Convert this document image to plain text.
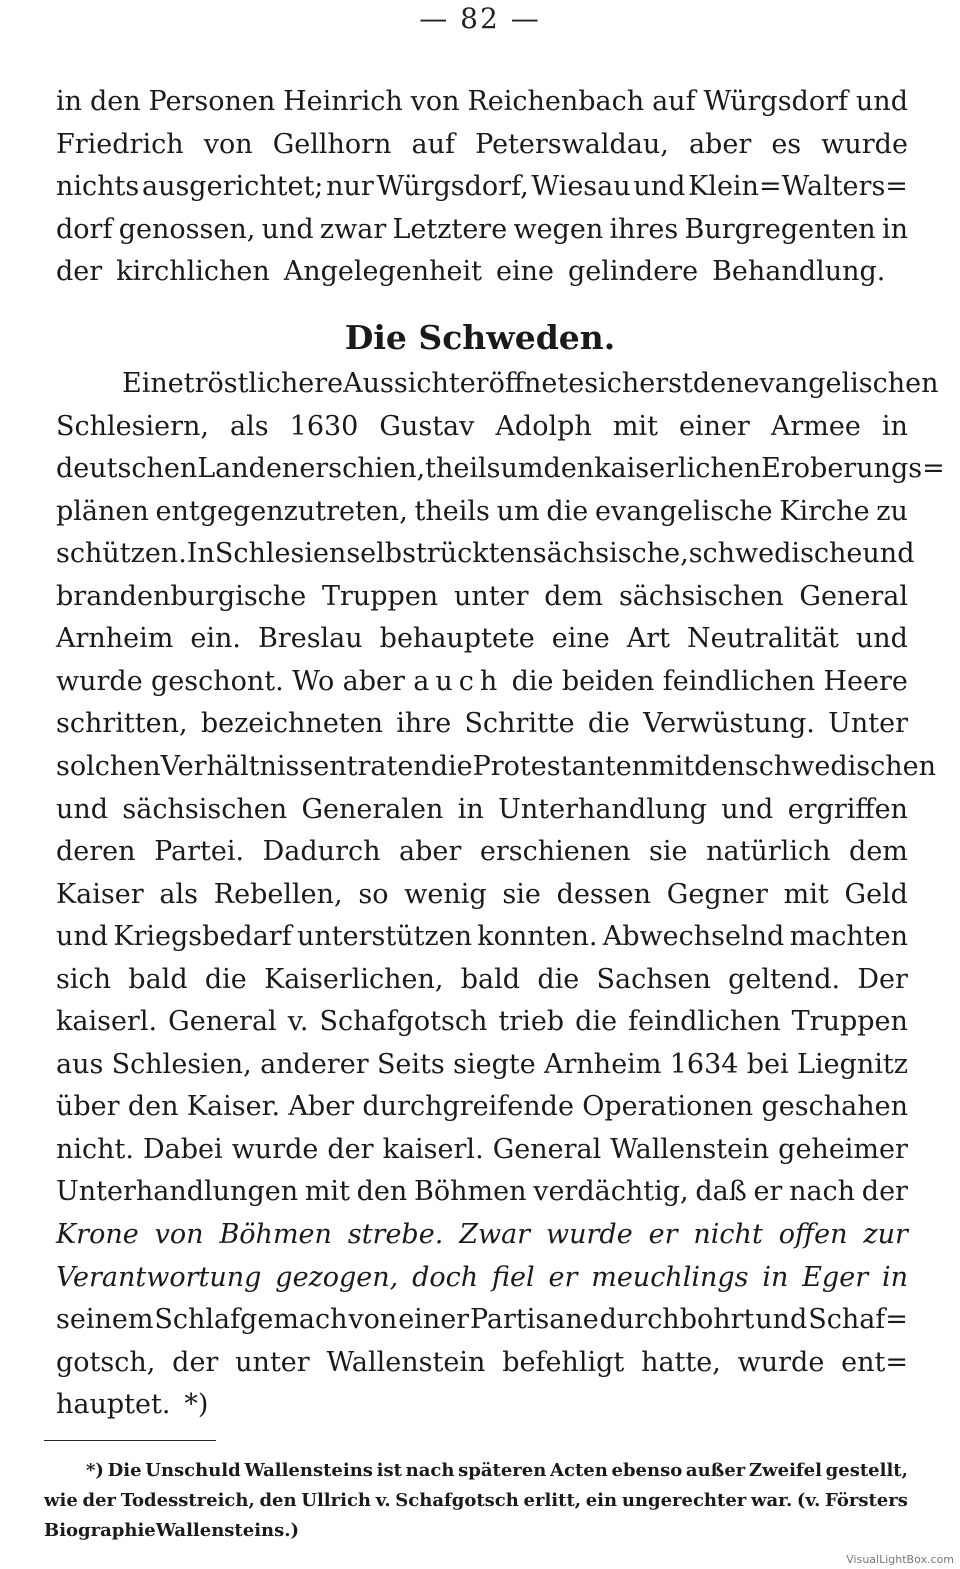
— 82 —
in den Personen Heinrich von Reichenbach auf Würgsdorf und
Friedrich von Gellhorn auf Peterswaldau, aber es wurde
nichts ausgerichtet; nur Würgsdorf, Wiesau und Klein=Walters=
dorf genossen, und zwar Letztere wegen ihres Burgregenten in
der kirchlichen Angelegenheit eine gelindere Behandlung.
Die Schweden.
Eine tröstlichere Aussicht eröffnete sich erst den evangelischen
Schlesiern, als 1630 Gustav Adolph mit einer Armee in
deutschen Landen erschien, theils um den kaiserlichen Eroberungs=
plänen entgegenzutreten, theils um die evangelische Kirche zu
schützen. In Schlesien selbst rückten sächsische, schwedische und
brandenburgische Truppen unter dem sächsischen General
Arnheim ein. Breslau behauptete eine Art Neutralität und
wurde geschont. Wo aber auch die beiden feindlichen Heere
schritten, bezeichneten ihre Schritte die Verwüstung. Unter
solchen Verhältnissen traten die Protestanten mit den schwedischen
und sächsischen Generalen in Unterhandlung und ergriffen
deren Partei. Dadurch aber erschienen sie natürlich dem
Kaiser als Rebellen, so wenig sie dessen Gegner mit Geld
und Kriegsbedarf unterstützen konnten. Abwechselnd machten
sich bald die Kaiserlichen, bald die Sachsen geltend. Der
kaiserl. General v. Schafgotsch trieb die feindlichen Truppen
aus Schlesien, anderer Seits siegte Arnheim 1634 bei Liegnitz
über den Kaiser. Aber durchgreifende Operationen geschahen
nicht. Dabei wurde der kaiserl. General Wallenstein geheimer
Unterhandlungen mit den Böhmen verdächtig, daß er nach der
Krone von Böhmen strebe. Zwar wurde er nicht offen zur
Verantwortung gezogen, doch fiel er meuchlings in Eger in
seinem Schlafgemach von einer Partisane durchbohrt und Schaf=
gotsch, der unter Wallenstein befehligt hatte, wurde ent=
hauptet. *)
*) Die Unschuld Wallensteins ist nach späteren Acten ebenso außer Zweifel gestellt,
wie der Todesstreich, den Ullrich v. Schafgotsch erlitt, ein ungerechter war. (v. Försters
Biographie Wallensteins.)
VisualLightBox.com
